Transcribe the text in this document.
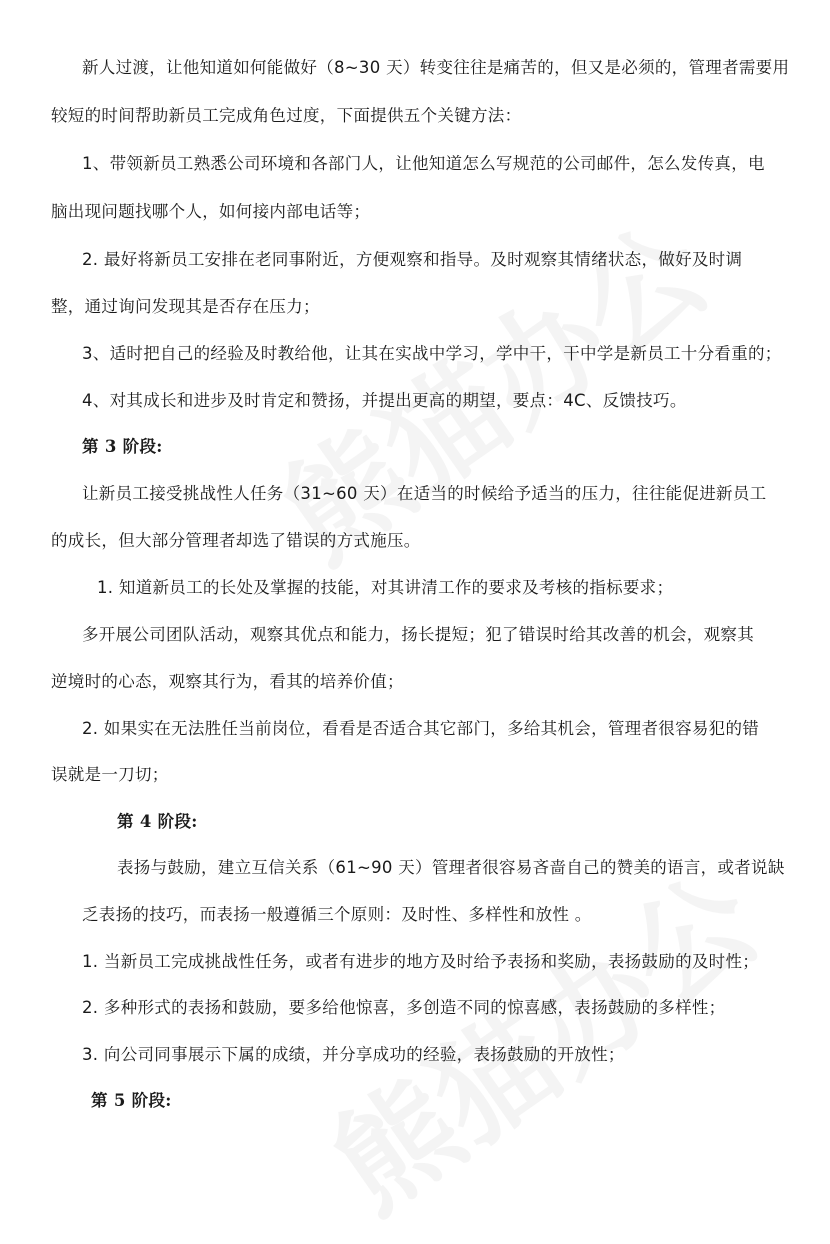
新人过渡，让他知道如何能做好（8~30 天）转变往往是痛苦的，但又是必须的，管理者需要用
较短的时间帮助新员工完成角色过度，下面提供五个关键方法：
1、带领新员工熟悉公司环境和各部门人，让他知道怎么写规范的公司邮件，怎么发传真，电
脑出现问题找哪个人，如何接内部电话等；
2. 最好将新员工安排在老同事附近，方便观察和指导。及时观察其情绪状态，做好及时调
整，通过询问发现其是否存在压力；
3、适时把自己的经验及时教给他，让其在实战中学习，学中干，干中学是新员工十分看重的；
4、对其成长和进步及时肯定和赞扬，并提出更高的期望，要点：4C、反馈技巧。
第 3 阶段:
让新员工接受挑战性人任务（31~60 天）在适当的时候给予适当的压力，往往能促进新员工
的成长，但大部分管理者却选了错误的方式施压。
1. 知道新员工的长处及掌握的技能，对其讲清工作的要求及考核的指标要求；
多开展公司团队活动，观察其优点和能力，扬长提短；犯了错误时给其改善的机会，观察其
逆境时的心态，观察其行为，看其的培养价值；
2. 如果实在无法胜任当前岗位，看看是否适合其它部门，多给其机会，管理者很容易犯的错
误就是一刀切；
第 4 阶段:
表扬与鼓励，建立互信关系（61~90 天）管理者很容易吝啬自己的赞美的语言，或者说缺
乏表扬的技巧，而表扬一般遵循三个原则：及时性、多样性和放性 。
1. 当新员工完成挑战性任务，或者有进步的地方及时给予表扬和奖励，表扬鼓励的及时性；
2. 多种形式的表扬和鼓励，要多给他惊喜，多创造不同的惊喜感，表扬鼓励的多样性；
3. 向公司同事展示下属的成绩，并分享成功的经验，表扬鼓励的开放性；
第 5 阶段:
